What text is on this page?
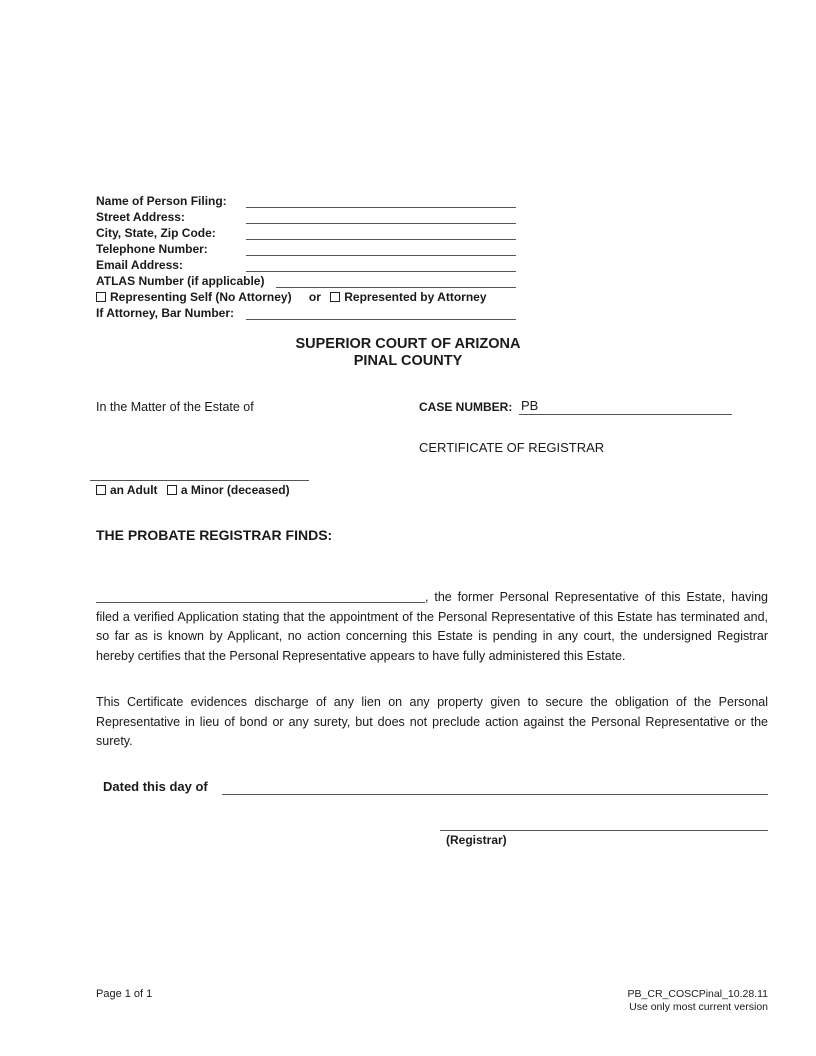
Name of Person Filing:
Street Address:
City, State, Zip Code:
Telephone Number:
Email Address:
ATLAS Number (if applicable)
Representing Self (No Attorney) or Represented by Attorney
If Attorney, Bar Number:
SUPERIOR COURT OF ARIZONA
PINAL COUNTY
In the Matter of the Estate of	CASE NUMBER: PB
CERTIFICATE OF REGISTRAR
an Adult a Minor (deceased)
THE PROBATE REGISTRAR FINDS:

, the former Personal Representative of this Estate, having filed a verified Application stating that the appointment of the Personal Representative of this Estate has terminated and, so far as is known by Applicant, no action concerning this Estate is pending in any court, the undersigned Registrar hereby certifies that the Personal Representative appears to have fully administered this Estate.

This Certificate evidences discharge of any lien on any property given to secure the obligation of the Personal Representative in lieu of bond or any surety, but does not preclude action against the Personal Representative or the surety.

Dated this day of
(Registrar)
Page 1 of 1	PB_CR_COSCPinal_10.28.11
Use only most current version
